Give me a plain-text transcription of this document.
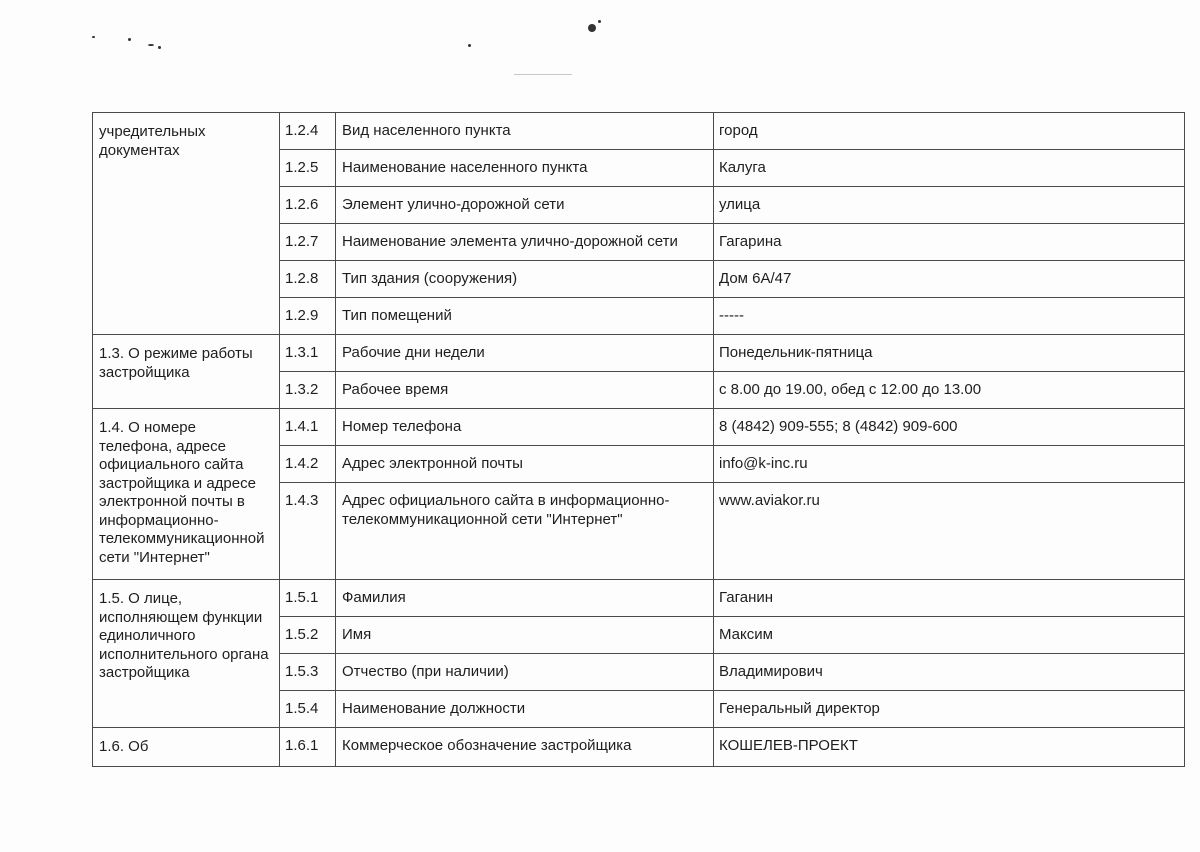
учредительных документах	1.2.4	Вид населенного пункта	город
	1.2.5	Наименование населенного пункта	Калуга
	1.2.6	Элемент улично-дорожной сети	улица
	1.2.7	Наименование элемента улично-дорожной сети	Гагарина
	1.2.8	Тип здания (сооружения)	Дом 6А/47
	1.2.9	Тип помещений	-----
1.3. О режиме работы застройщика	1.3.1	Рабочие дни недели	Понедельник-пятница
	1.3.2	Рабочее время	с 8.00 до 19.00, обед с 12.00 до 13.00
1.4. О номере телефона, адресе официального сайта застройщика и адресе электронной почты в информационно-телекоммуникационной сети "Интернет"	1.4.1	Номер телефона	8 (4842) 909-555; 8 (4842) 909-600
	1.4.2	Адрес электронной почты	info@k-inc.ru
	1.4.3	Адрес официального сайта в информационно-телекоммуникационной сети "Интернет"	www.aviakor.ru
1.5. О лице, исполняющем функции единоличного исполнительного органа застройщика	1.5.1	Фамилия	Гаганин
	1.5.2	Имя	Максим
	1.5.3	Отчество (при наличии)	Владимирович
	1.5.4	Наименование должности	Генеральный директор
1.6. Об	1.6.1	Коммерческое обозначение застройщика	КОШЕЛЕВ-ПРОЕКТ
